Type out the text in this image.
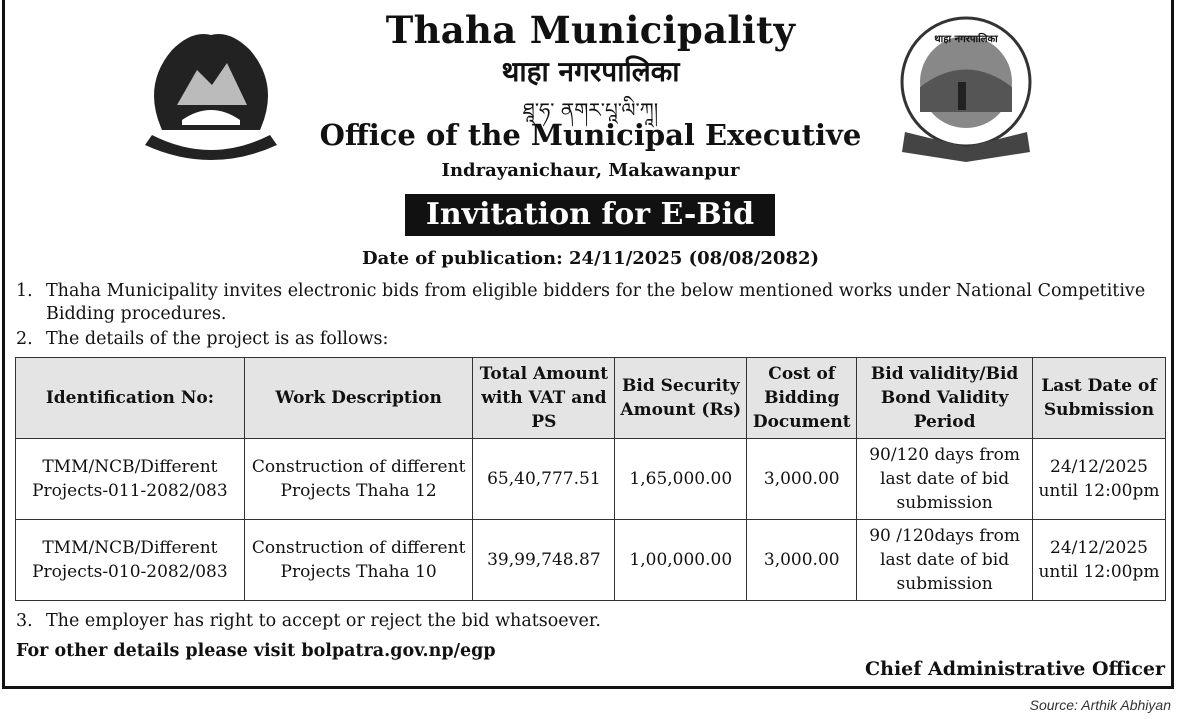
थाहा नगरपालिका
Thaha Municipality
थाहा नगरपालिका
ཐཱ་ཧ་ ནགར་པཱ་ལི་ཀཱ།
Office of the Municipal Executive
Indrayanichaur, Makawanpur
Invitation for E-Bid
Date of publication: 24/11/2025 (08/08/2082)
1. Thaha Municipality invites electronic bids from eligible bidders for the below mentioned works under National Competitive Bidding procedures.
2. The details of the project is as follows:
Identification No:	Work Description	Total Amount with VAT and PS	Bid Security Amount (Rs)	Cost of Bidding Document	Bid validity/Bid Bond Validity Period	Last Date of Submission
TMM/NCB/Different Projects-011-2082/083	Construction of different Projects Thaha 12	65,40,777.51	1,65,000.00	3,000.00	90/120 days from last date of bid submission	24/12/2025 until 12:00pm
TMM/NCB/Different Projects-010-2082/083	Construction of different Projects Thaha 10	39,99,748.87	1,00,000.00	3,000.00	90 /120days from last date of bid submission	24/12/2025 until 12:00pm
3. The employer has right to accept or reject the bid whatsoever.
For other details please visit bolpatra.gov.np/egp
Chief Administrative Officer
Source: Arthik Abhiyan
